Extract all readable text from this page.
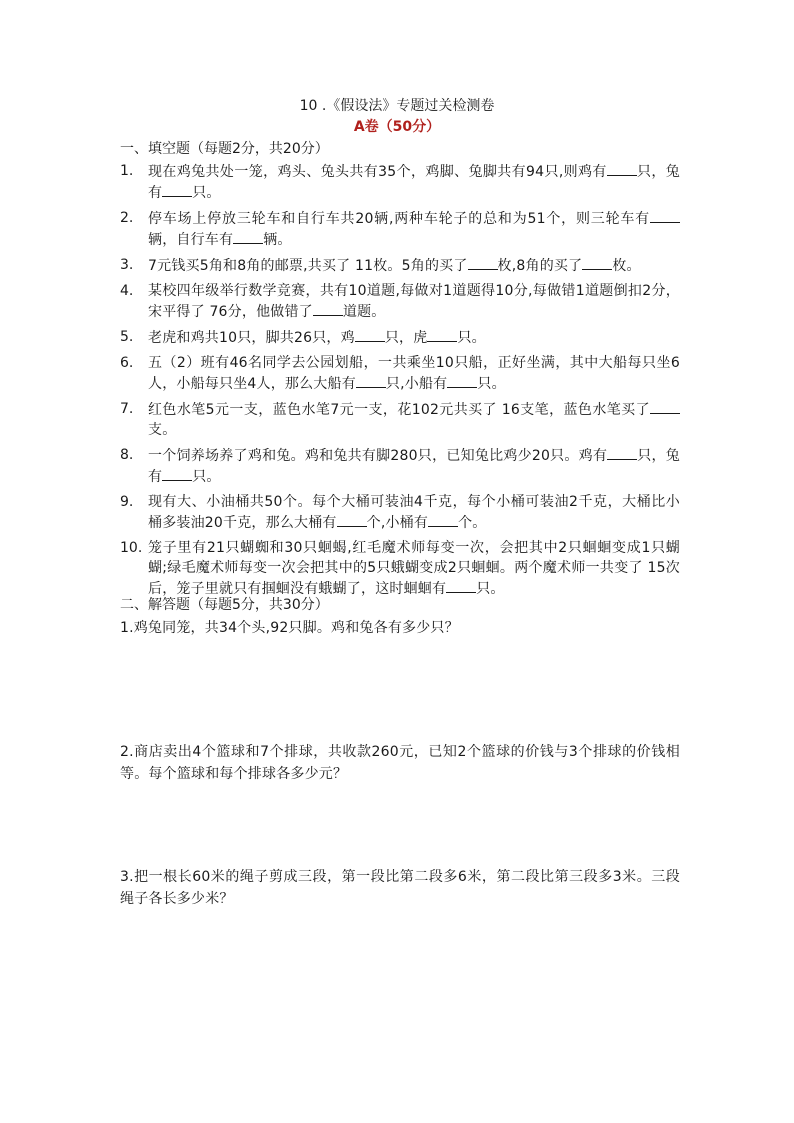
10 .《假设法》专题过关检测卷
A卷（50分）
一、填空题（每题2分，共20分）
1.	现在鸡兔共处一笼，鸡头、兔头共有35个，鸡脚、兔脚共有94只,则鸡有 只，兔有 只。
2.	停车场上停放三轮车和自行车共20辆,两种车轮子的总和为51个，则三轮车有辆，自行车有 辆。
3.	7元钱买5角和8角的邮票,共买了 11枚。5角的买了 枚,8角的买了 枚。
4.	某校四年级举行数学竞赛，共有10道题,每做对1道题得10分,每做错1道题倒扣2分，宋平得了 76分，他做错了 道题。
5.	老虎和鸡共10只，脚共26只，鸡 只，虎 只。
6.	五（2）班有46名同学去公园划船，一共乘坐10只船，正好坐满，其中大船每只坐6人，小船每只坐4人，那么大船有 只,小船有 只。
7.	红色水笔5元一支，蓝色水笔7元一支，花102元共买了 16支笔，蓝色水笔买了支。
8.	一个饲养场养了鸡和兔。鸡和兔共有脚280只，已知兔比鸡少20只。鸡有 只，兔有 只。
9.	现有大、小油桶共50个。每个大桶可装油4千克，每个小桶可装油2千克，大桶比小桶多装油20千克，那么大桶有 个,小桶有 个。
10. 笼子里有21只蝴蜘和30只蛔蝎,红毛魔术师每变一次，会把其中2只蛔蛔变成1只蝴蝴;绿毛魔术师每变一次会把其中的5只蛾蝴变成2只蛔蛔。两个魔术师一共变了 15次后，笼子里就只有掴蛔没有蛾蝴了，这时蛔蛔有 只。
二、解答题（每题5分，共30分）
1.鸡兔同笼，共34个头,92只脚。鸡和兔各有多少只？
2.商店卖出4个篮球和7个排球，共收款260元，已知2个篮球的价钱与3个排球的价钱相等。每个篮球和每个排球各多少元？
3.把一根长60米的绳子剪成三段，第一段比第二段多6米，第二段比第三段多3米。三段绳子各长多少米？
